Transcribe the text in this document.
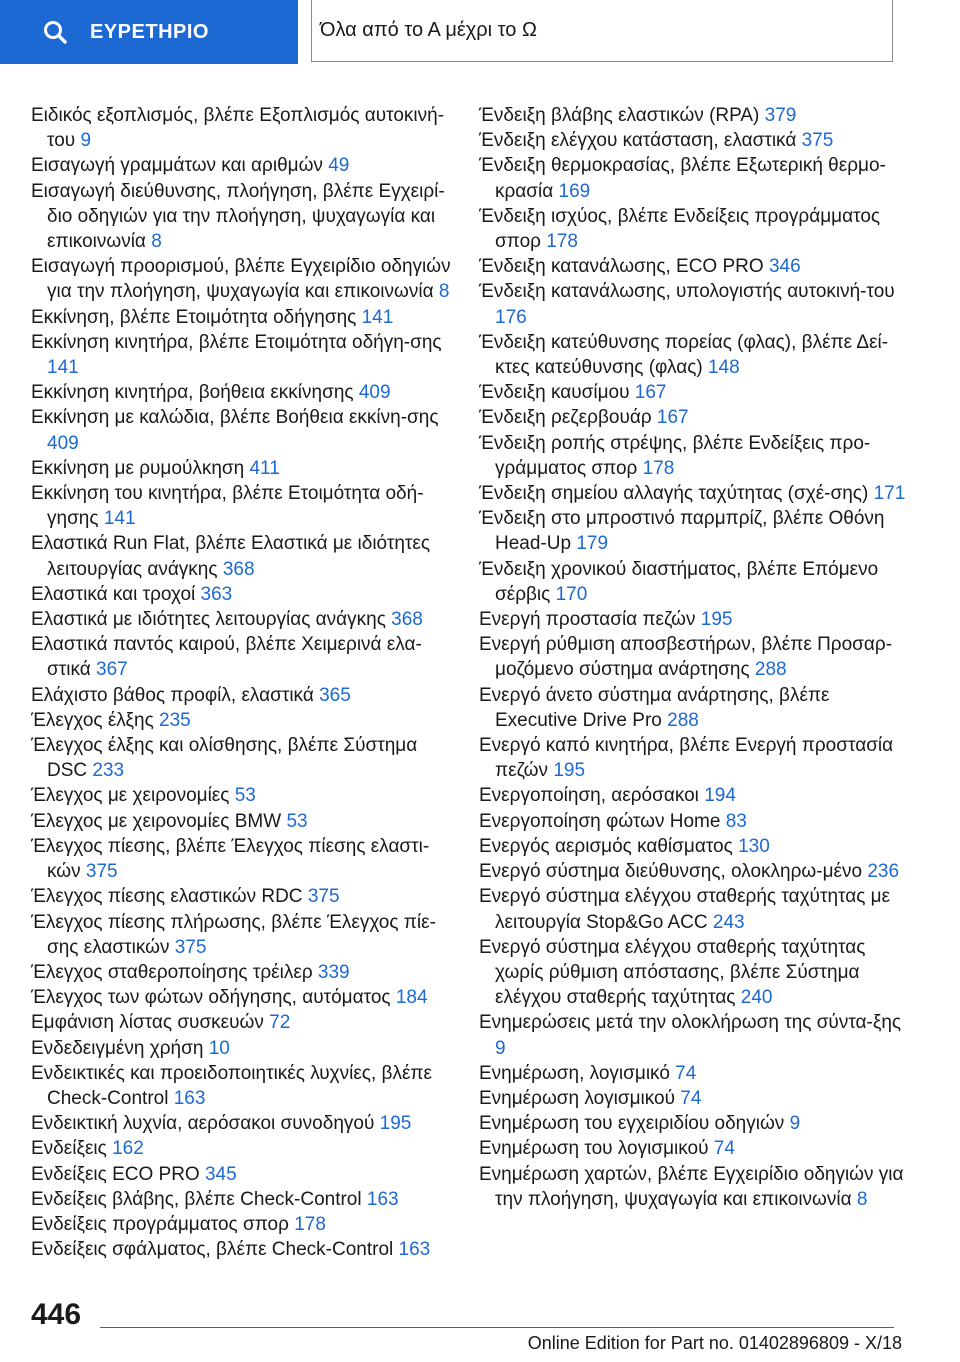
ΕΥΡΕΤΗΡΙΟ	Όλα από το Α μέχρι το Ω
Ειδικός εξοπλισμός, βλέπε Εξοπλισμός αυτοκινή‐του 9
Εισαγωγή γραμμάτων και αριθμών 49
Εισαγωγή διεύθυνσης, πλοήγηση, βλέπε Εγχειρί‐διο οδηγιών για την πλοήγηση, ψυχαγωγία και επικοινωνία 8
Εισαγωγή προορισμού, βλέπε Εγχειρίδιο οδηγιών για την πλοήγηση, ψυχαγωγία και επικοινωνία 8
Εκκίνηση, βλέπε Ετοιμότητα οδήγησης 141
Εκκίνηση κινητήρα, βλέπε Ετοιμότητα οδήγη‐σης 141
Εκκίνηση κινητήρα, βοήθεια εκκίνησης 409
Εκκίνηση με καλώδια, βλέπε Βοήθεια εκκίνη‐σης 409
Εκκίνηση με ρυμούλκηση 411
Εκκίνηση του κινητήρα, βλέπε Ετοιμότητα οδή‐γησης 141
Ελαστικά Run Flat, βλέπε Ελαστικά με ιδιότητες λειτουργίας ανάγκης 368
Ελαστικά και τροχοί 363
Ελαστικά με ιδιότητες λειτουργίας ανάγκης 368
Ελαστικά παντός καιρού, βλέπε Χειμερινά ελα‐στικά 367
Ελάχιστο βάθος προφίλ, ελαστικά 365
Έλεγχος έλξης 235
Έλεγχος έλξης και ολίσθησης, βλέπε Σύστημα DSC 233
Έλεγχος με χειρονομίες 53
Έλεγχος με χειρονομίες BMW 53
Έλεγχος πίεσης, βλέπε Έλεγχος πίεσης ελαστι‐κών 375
Έλεγχος πίεσης ελαστικών RDC 375
Έλεγχος πίεσης πλήρωσης, βλέπε Έλεγχος πίε‐σης ελαστικών 375
Έλεγχος σταθεροποίησης τρέιλερ 339
Έλεγχος των φώτων οδήγησης, αυτόματος 184
Εμφάνιση λίστας συσκευών 72
Ενδεδειγμένη χρήση 10
Ενδεικτικές και προειδοποιητικές λυχνίες, βλέπε Check-Control 163
Ενδεικτική λυχνία, αερόσακοι συνοδηγού 195
Ενδείξεις 162
Ενδείξεις ECO PRO 345
Ενδείξεις βλάβης, βλέπε Check-Control 163
Ενδείξεις προγράμματος σπορ 178
Ενδείξεις σφάλματος, βλέπε Check-Control 163
Ένδειξη βλάβης ελαστικών (RPA) 379
Ένδειξη ελέγχου κατάσταση, ελαστικά 375
Ένδειξη θερμοκρασίας, βλέπε Εξωτερική θερμο‐κρασία 169
Ένδειξη ισχύος, βλέπε Ενδείξεις προγράμματος σπορ 178
Ένδειξη κατανάλωσης, ECO PRO 346
Ένδειξη κατανάλωσης, υπολογιστής αυτοκινή‐του 176
Ένδειξη κατεύθυνσης πορείας (φλας), βλέπε Δεί‐κτες κατεύθυνσης (φλας) 148
Ένδειξη καυσίμου 167
Ένδειξη ρεζερβουάρ 167
Ένδειξη ροπής στρέψης, βλέπε Ενδείξεις προ‐γράμματος σπορ 178
Ένδειξη σημείου αλλαγής ταχύτητας (σχέ‐σης) 171
Ένδειξη στο μπροστινό παρμπρίζ, βλέπε Οθόνη Head-Up 179
Ένδειξη χρονικού διαστήματος, βλέπε Επόμενο σέρβις 170
Ενεργή προστασία πεζών 195
Ενεργή ρύθμιση αποσβεστήρων, βλέπε Προσαρ‐μοζόμενο σύστημα ανάρτησης 288
Ενεργό άνετο σύστημα ανάρτησης, βλέπε Executive Drive Pro 288
Ενεργό καπό κινητήρα, βλέπε Ενεργή προστασία πεζών 195
Ενεργοποίηση, αερόσακοι 194
Ενεργοποίηση φώτων Home 83
Ενεργός αερισμός καθίσματος 130
Ενεργό σύστημα διεύθυνσης, ολοκληρω‐μένο 236
Ενεργό σύστημα ελέγχου σταθερής ταχύτητας με λειτουργία Stop&Go ACC 243
Ενεργό σύστημα ελέγχου σταθερής ταχύτητας χωρίς ρύθμιση απόστασης, βλέπε Σύστημα ελέγχου σταθερής ταχύτητας 240
Ενημερώσεις μετά την ολοκλήρωση της σύντα‐ξης 9
Ενημέρωση, λογισμικό 74
Ενημέρωση λογισμικού 74
Ενημέρωση του εγχειριδίου οδηγιών 9
Ενημέρωση του λογισμικού 74
Ενημέρωση χαρτών, βλέπε Εγχειρίδιο οδηγιών για την πλοήγηση, ψυχαγωγία και επικοινωνία 8
446
Online Edition for Part no. 01402896809 - X/18
